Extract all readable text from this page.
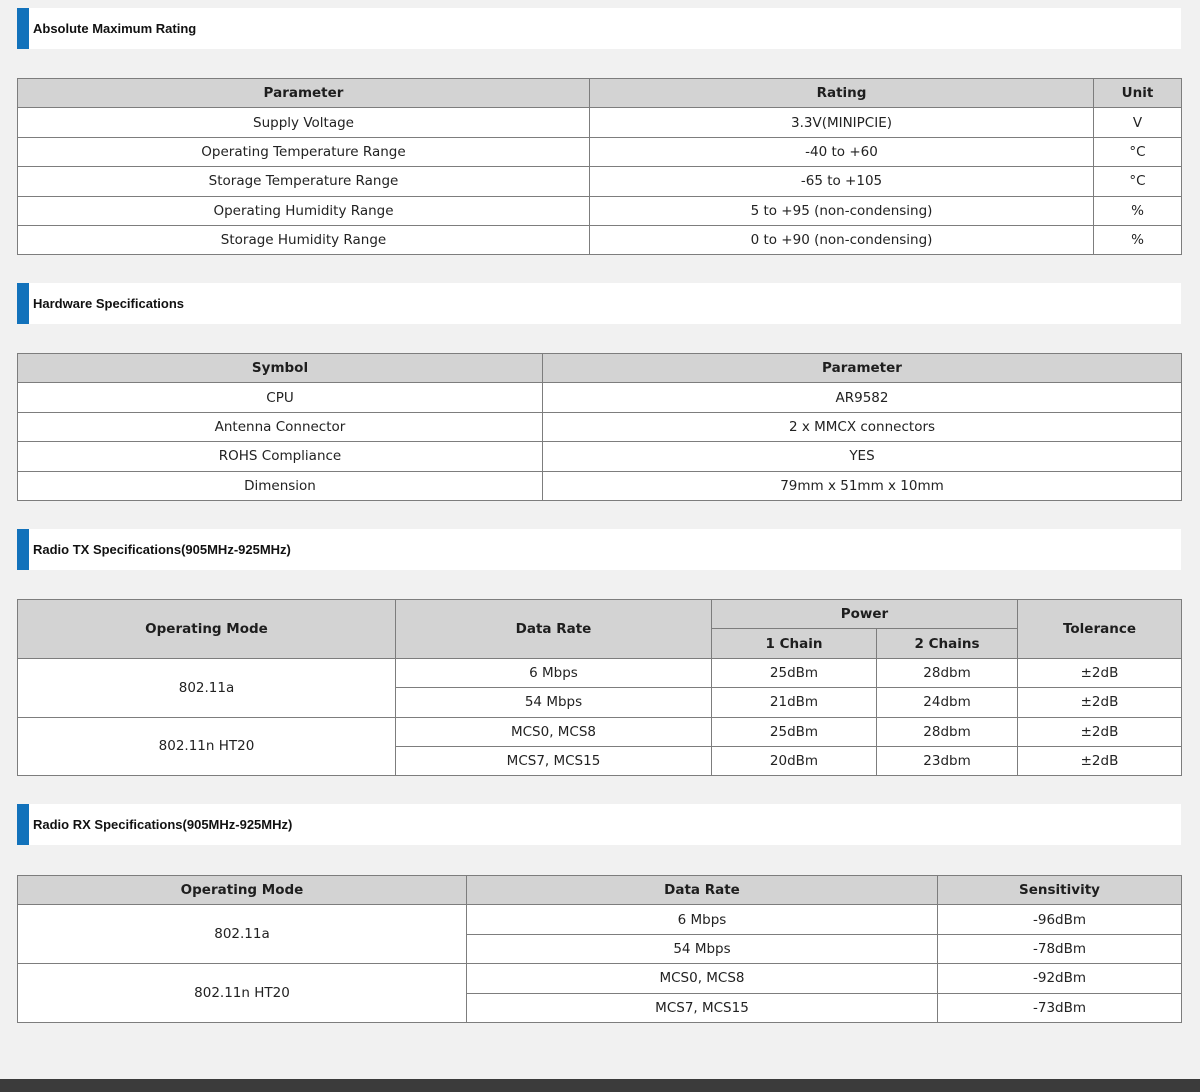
Absolute Maximum Rating
Parameter	Rating	Unit
Supply Voltage	3.3V(MINIPCIE)	V
Operating Temperature Range	-40 to +60	°C
Storage Temperature Range	-65 to +105	°C
Operating Humidity Range	5 to +95 (non-condensing)	%
Storage Humidity Range	0 to +90 (non-condensing)	%
Hardware Specifications
Symbol	Parameter
CPU	AR9582
Antenna Connector	2 x MMCX connectors
ROHS Compliance	YES
Dimension	79mm x 51mm x 10mm
Radio TX Specifications(905MHz-925MHz)
Operating Mode	Data Rate	Power		Tolerance
		1 Chain	2 Chains	
802.11a	6 Mbps	25dBm	28dbm	±2dB
	54 Mbps	21dBm	24dbm	±2dB
802.11n HT20	MCS0, MCS8	25dBm	28dbm	±2dB
	MCS7, MCS15	20dBm	23dbm	±2dB
Radio RX Specifications(905MHz-925MHz)
Operating Mode	Data Rate	Sensitivity
802.11a	6 Mbps	-96dBm
	54 Mbps	-78dBm
802.11n HT20	MCS0, MCS8	-92dBm
	MCS7, MCS15	-73dBm
